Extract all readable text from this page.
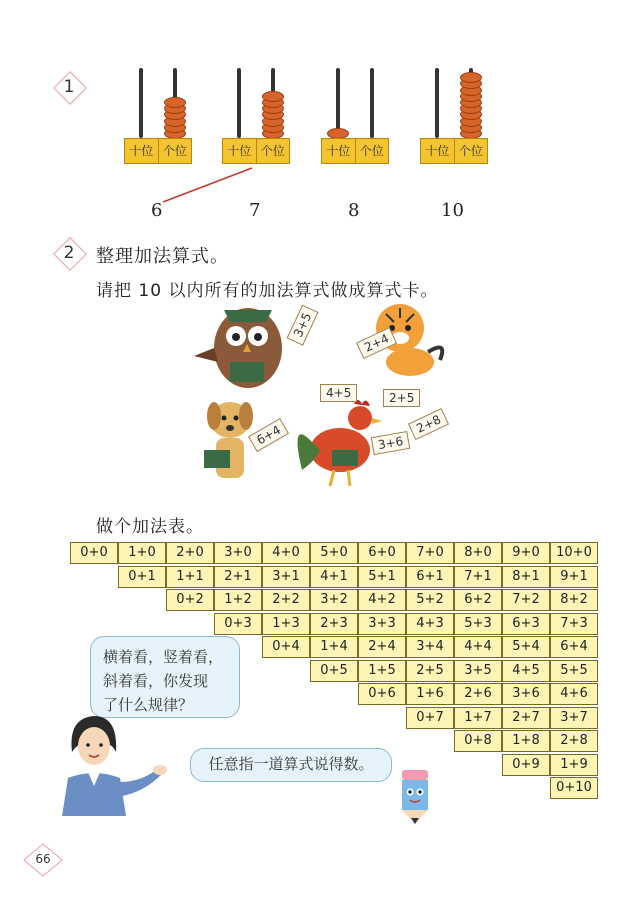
1
十位 个位	十位 个位	十位 个位	十位 个位
6	7	8	10
2	整理加法算式。
请把 10 以内所有的加法算式做成算式卡。
3+5
2+4
4+5	2+5
2+8
6+4	3+6
做个加法表。
0+0	1+0	2+0	3+0	4+0	5+0	6+0	7+0	8+0	9+0	10+0
0+1	1+1	2+1	3+1	4+1	5+1	6+1	7+1	8+1	9+1
0+2	1+2	2+2	3+2	4+2	5+2	6+2	7+2	8+2
0+3	1+3	2+3	3+3	4+3	5+3	6+3	7+3
0+4	1+4	2+4	3+4	4+4	5+4	6+4
0+5	1+5	2+5	3+5	4+5	5+5
0+6	1+6	2+6	3+6	4+6
0+7	1+7	2+7	3+7
0+8	1+8	2+8
0+9	1+9
0+10
横着看，竖着看，
斜着看，你发现
了什么规律？
任意指一道算式说得数。
66
